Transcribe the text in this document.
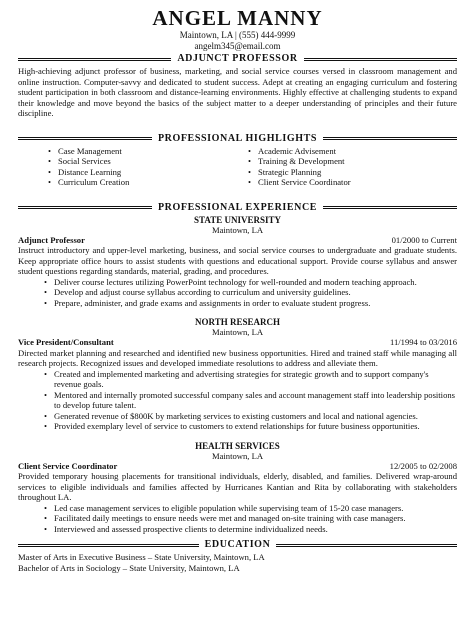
ANGEL MANNY
Maintown, LA | (555) 444-9999
angelm345@email.com
ADJUNCT PROFESSOR
High-achieving adjunct professor of business, marketing, and social service courses versed in classroom management and online instruction. Computer-savvy and dedicated to student success. Adept at creating an engaging curriculum and fostering student participation in both classroom and distance-learning environments. Highly effective at challenging students to expand their knowledge and move beyond the basics of the subject matter to a deeper understanding of principles and their future discipline.
PROFESSIONAL HIGHLIGHTS
• Case Management
• Social Services
• Distance Learning
• Curriculum Creation
• Academic Advisement
• Training & Development
• Strategic Planning
• Client Service Coordinator
PROFESSIONAL EXPERIENCE
STATE UNIVERSITY
Maintown, LA
Adjunct Professor	01/2000 to Current
Instruct introductory and upper-level marketing, business, and social service courses to undergraduate and graduate students. Keep appropriate office hours to assist students with questions and educational support. Provide course syllabus and answer student questions regarding standards, material, grading, and procedures.
• Deliver course lectures utilizing PowerPoint technology for well-rounded and modern teaching approach.
• Develop and adjust course syllabus according to curriculum and university guidelines.
• Prepare, administer, and grade exams and assignments in order to evaluate student progress.
NORTH RESEARCH
Maintown, LA
Vice President/Consultant	11/1994 to 03/2016
Directed market planning and researched and identified new business opportunities. Hired and trained staff while managing all research projects. Recognized issues and developed immediate resolutions to address and alleviate them.
• Created and implemented marketing and advertising strategies for strategic growth and to support company's revenue goals.
• Mentored and internally promoted successful company sales and account management staff into leadership positions to develop future talent.
• Generated revenue of $800K by marketing services to existing customers and local and national agencies.
• Provided exemplary level of service to customers to extend relationships for future business opportunities.
HEALTH SERVICES
Maintown, LA
Client Service Coordinator	12/2005 to 02/2008
Provided temporary housing placements for transitional individuals, elderly, disabled, and families. Delivered wrap-around services to eligible individuals and families affected by Hurricanes Kantian and Rita by collaborating with stakeholders throughout LA.
• Led case management services to eligible population while supervising team of 15-20 case managers.
• Facilitated daily meetings to ensure needs were met and managed on-site training with case managers.
• Interviewed and assessed prospective clients to determine individualized needs.
EDUCATION
Master of Arts in Executive Business – State University, Maintown, LA
Bachelor of Arts in Sociology – State University, Maintown, LA
